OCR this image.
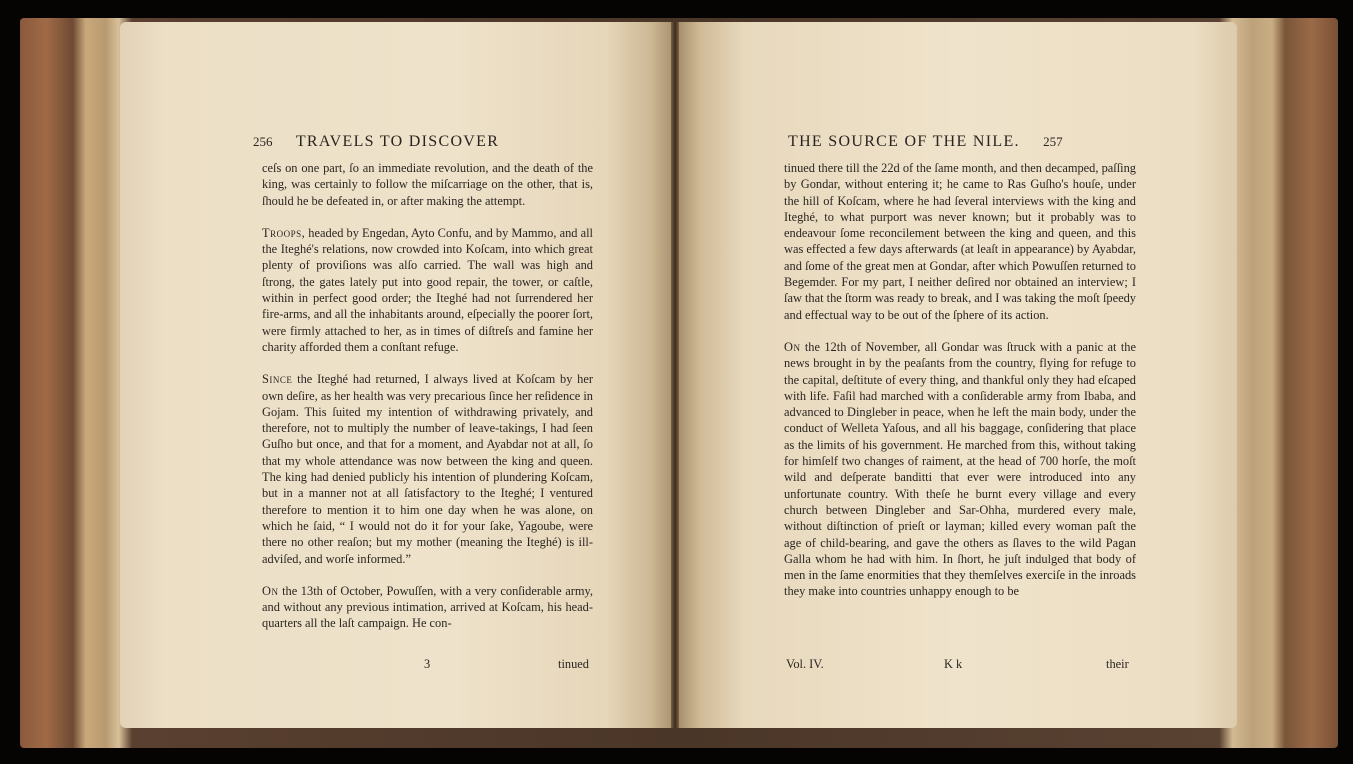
256 TRAVELS TO DISCOVER

ceſs on one part, ſo an immediate revolution, and the death of the king, was certainly to follow the miſcarriage on the other, that is, ſhould he be defeated in, or after making the attempt.

Troops, headed by Engedan, Ayto Confu, and by Mammo, and all the Iteghé's relations, now crowded into Koſcam, into which great plenty of proviſions was alſo carried. The wall was high and ſtrong, the gates lately put into good repair, the tower, or caſtle, within in perfect good order; the Iteghé had not ſurrendered her fire-arms, and all the inhabitants around, eſpecially the poorer ſort, were firmly attached to her, as in times of diſtreſs and famine her charity afforded them a conſtant refuge.

Since the Iteghé had returned, I always lived at Koſcam by her own deſire, as her health was very precarious ſince her reſidence in Gojam. This ſuited my intention of withdrawing privately, and therefore, not to multiply the number of leave-takings, I had ſeen Guſho but once, and that for a moment, and Ayabdar not at all, ſo that my whole attendance was now between the king and queen. The king had denied publicly his intention of plundering Koſcam, but in a manner not at all ſatisfactory to the Iteghé; I ventured therefore to mention it to him one day when he was alone, on which he ſaid, “ I would not do it for your ſake, Yagoube, were there no other reaſon; but my mother (meaning the Iteghé) is ill-adviſed, and worſe informed.”

On the 13th of October, Powuſſen, with a very conſiderable army, and without any previous intimation, arrived at Koſcam, his head-quarters all the laſt campaign. He con-

3	tinued
THE SOURCE OF THE NILE. 257

tinued there till the 22d of the ſame month, and then decamped, paſſing by Gondar, without entering it; he came to Ras Guſho's houſe, under the hill of Koſcam, where he had ſeveral interviews with the king and Iteghé, to what purport was never known; but it probably was to endeavour ſome reconcilement between the king and queen, and this was effected a few days afterwards (at leaſt in appearance) by Ayabdar, and ſome of the great men at Gondar, after which Powuſſen returned to Begemder. For my part, I neither deſired nor obtained an interview; I ſaw that the ſtorm was ready to break, and I was taking the moſt ſpeedy and effectual way to be out of the ſphere of its action.

On the 12th of November, all Gondar was ſtruck with a panic at the news brought in by the peaſants from the country, flying for refuge to the capital, deſtitute of every thing, and thankful only they had eſcaped with life. Faſil had marched with a conſiderable army from Ibaba, and advanced to Dingleber in peace, when he left the main body, under the conduct of Welleta Yaſous, and all his baggage, conſidering that place as the limits of his government. He marched from this, without taking for himſelf two changes of raiment, at the head of 700 horſe, the moſt wild and deſperate banditti that ever were introduced into any unfortunate country. With theſe he burnt every village and every church between Dingleber and Sar-Ohha, murdered every male, without diſtinction of prieſt or layman; killed every woman paſt the age of child-bearing, and gave the others as ſlaves to the wild Pagan Galla whom he had with him. In ſhort, he juſt indulged that body of men in the ſame enormities that they themſelves exerciſe in the inroads they make into countries unhappy enough to be

Vol. IV.	K k	their
